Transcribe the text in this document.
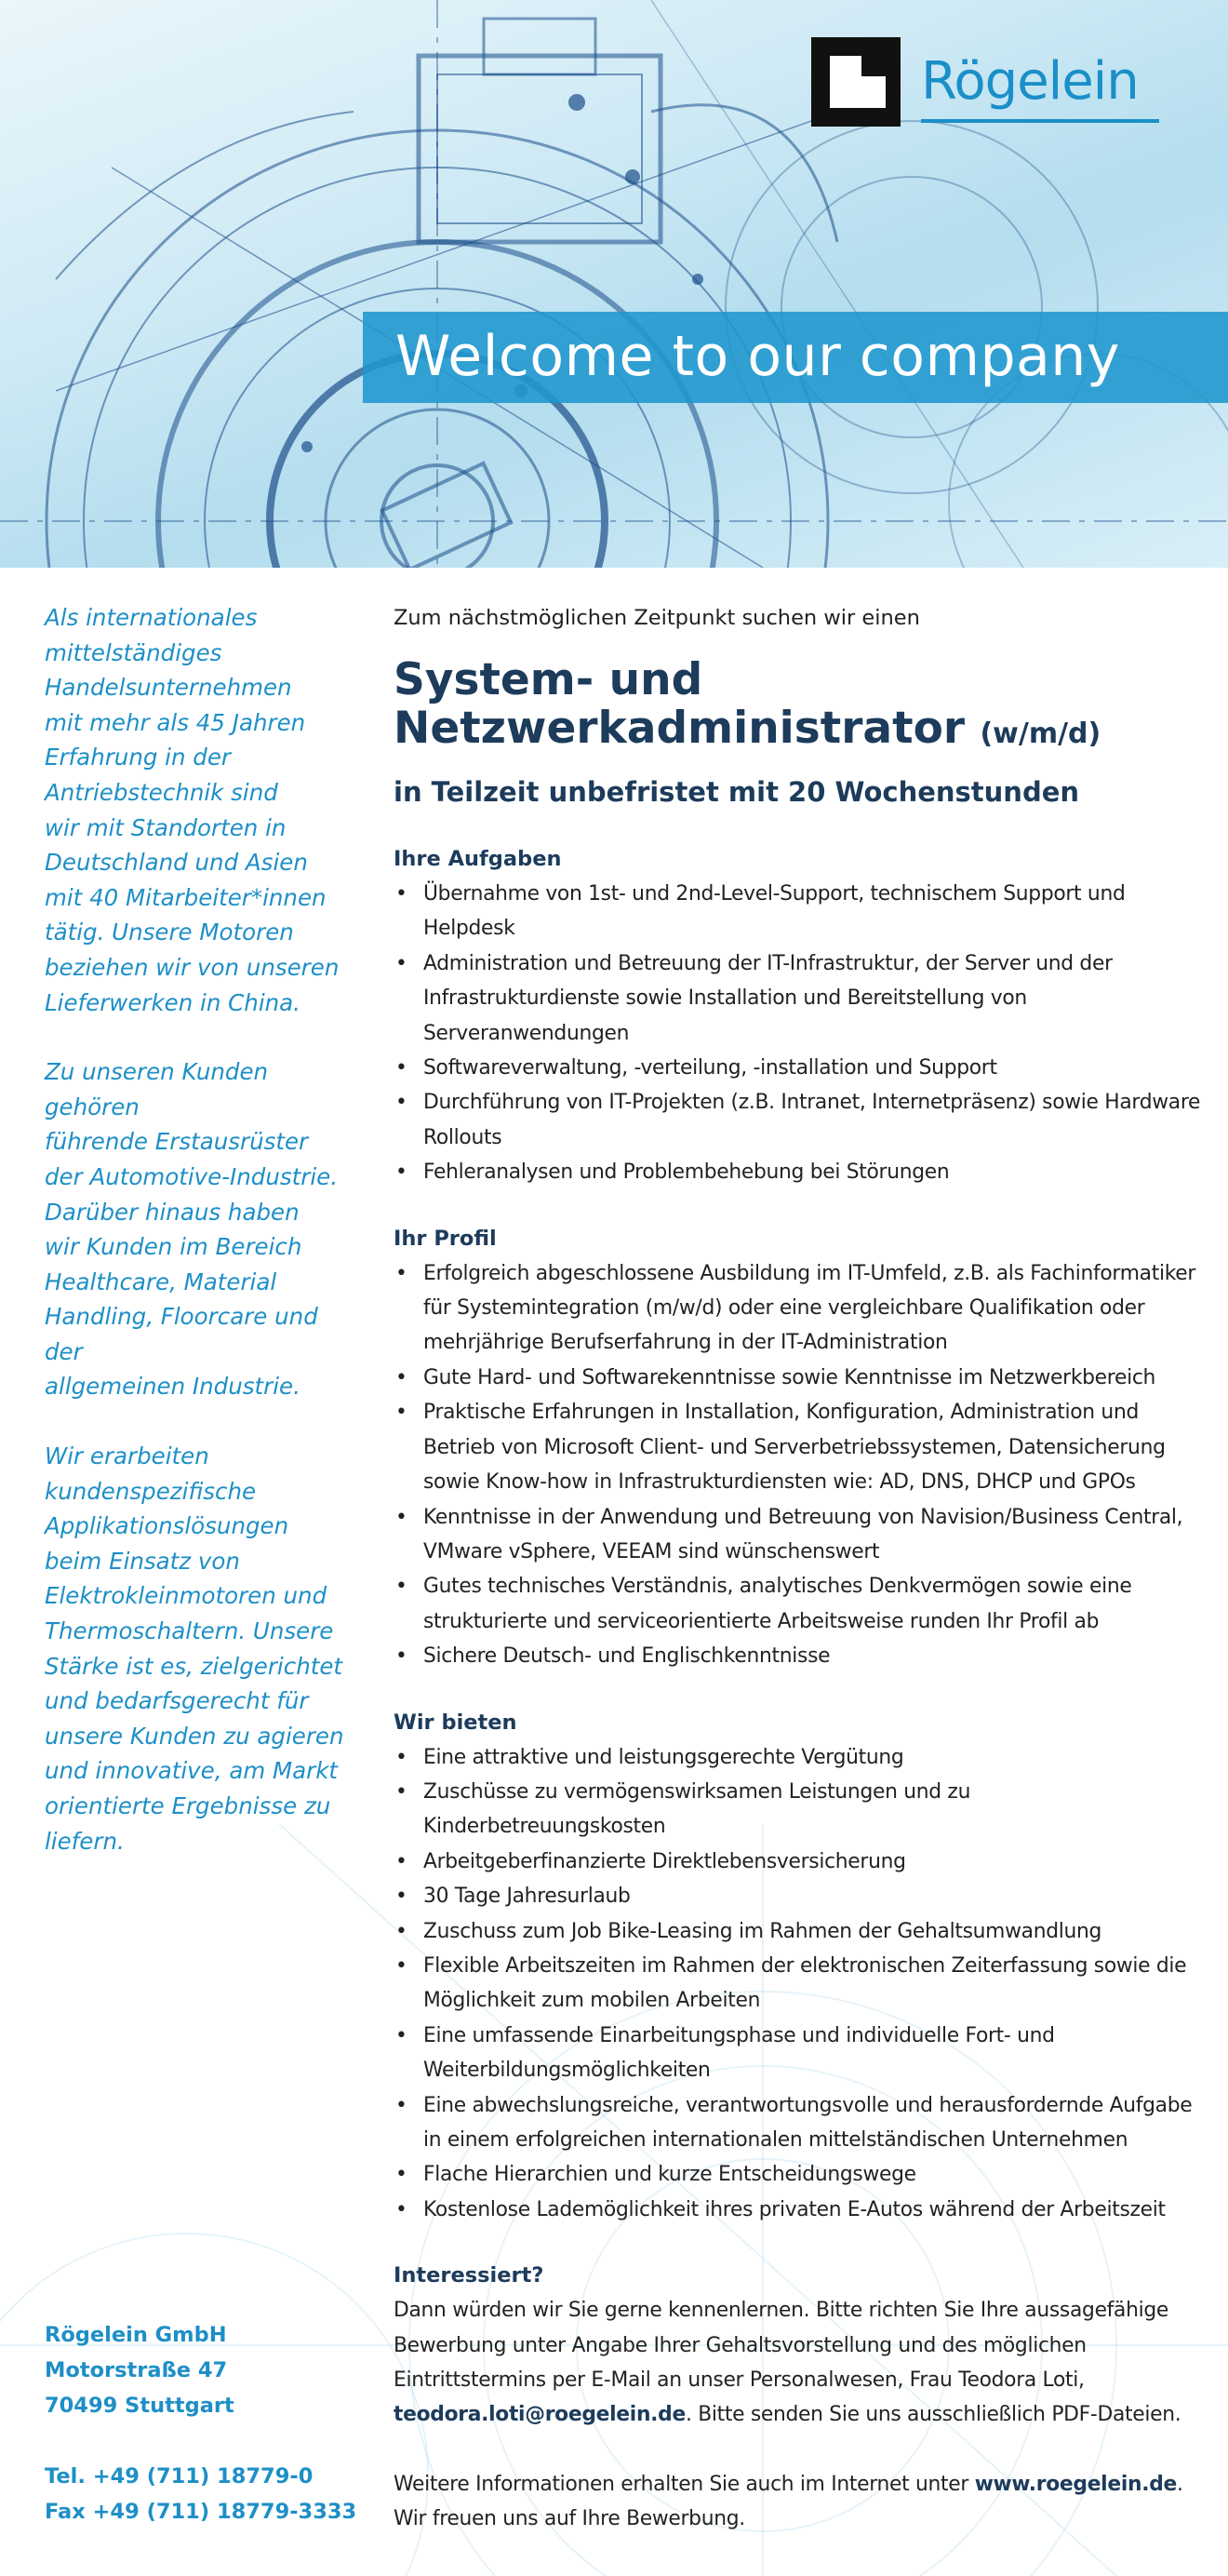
Welcome to our company
Rögelein

Als internationales
mittelständiges
Handelsunternehmen
mit mehr als 45 Jahren
Erfahrung in der
Antriebstechnik sind
wir mit Standorten in
Deutschland und Asien
mit 40 Mitarbeiter*innen
tätig. Unsere Motoren
beziehen wir von unseren
Lieferwerken in China.

Zu unseren Kunden gehören
führende Erstausrüster
der Automotive-Industrie.
Darüber hinaus haben
wir Kunden im Bereich
Healthcare, Material
Handling, Floorcare und der
allgemeinen Industrie.

Wir erarbeiten
kundenspezifische
Applikationslösungen
beim Einsatz von
Elektrokleinmotoren und
Thermoschaltern. Unsere
Stärke ist es, zielgerichtet
und bedarfsgerecht für
unsere Kunden zu agieren
und innovative, am Markt
orientierte Ergebnisse zu
liefern.

Rögelein GmbH
Motorstraße 47
70499 Stuttgart
Tel. +49 (711) 18779-0
Fax +49 (711) 18779-3333
Zum nächstmöglichen Zeitpunkt suchen wir einen
System- und
Netzwerkadministrator (w/m/d)
in Teilzeit unbefristet mit 20 Wochenstunden
Ihre Aufgaben
• Übernahme von 1st- und 2nd-Level-Support, technischem Support und Helpdesk
• Administration und Betreuung der IT-Infrastruktur, der Server und der Infrastrukturdienste sowie Installation und Bereitstellung von Serveranwendungen
• Softwareverwaltung, -verteilung, -installation und Support
• Durchführung von IT-Projekten (z.B. Intranet, Internetpräsenz) sowie Hardware Rollouts
• Fehleranalysen und Problembehebung bei Störungen
Ihr Profil
• Erfolgreich abgeschlossene Ausbildung im IT-Umfeld, z.B. als Fachinformatiker für Systemintegration (m/w/d) oder eine vergleichbare Qualifikation oder mehrjährige Berufserfahrung in der IT-Administration
• Gute Hard- und Softwarekenntnisse sowie Kenntnisse im Netzwerkbereich
• Praktische Erfahrungen in Installation, Konfiguration, Administration und Betrieb von Microsoft Client- und Serverbetriebssystemen, Datensicherung sowie Know-how in Infrastrukturdiensten wie: AD, DNS, DHCP und GPOs
• Kenntnisse in der Anwendung und Betreuung von Navision/Business Central, VMware vSphere, VEEAM sind wünschenswert
• Gutes technisches Verständnis, analytisches Denkvermögen sowie eine strukturierte und serviceorientierte Arbeitsweise runden Ihr Profil ab
• Sichere Deutsch- und Englischkenntnisse
Wir bieten
• Eine attraktive und leistungsgerechte Vergütung
• Zuschüsse zu vermögenswirksamen Leistungen und zu Kinderbetreuungskosten
• Arbeitgeberfinanzierte Direktlebensversicherung
• 30 Tage Jahresurlaub
• Zuschuss zum Job Bike-Leasing im Rahmen der Gehaltsumwandlung
• Flexible Arbeitszeiten im Rahmen der elektronischen Zeiterfassung sowie die Möglichkeit zum mobilen Arbeiten
• Eine umfassende Einarbeitungsphase und individuelle Fort- und Weiterbildungsmöglichkeiten
• Eine abwechslungsreiche, verantwortungsvolle und herausfordernde Aufgabe in einem erfolgreichen internationalen mittelständischen Unternehmen
• Flache Hierarchien und kurze Entscheidungswege
• Kostenlose Lademöglichkeit ihres privaten E-Autos während der Arbeitszeit
Interessiert?

Dann würden wir Sie gerne kennenlernen. Bitte richten Sie Ihre aussagefähige Bewerbung unter Angabe Ihrer Gehaltsvorstellung und des möglichen Eintrittstermins per E-Mail an unser Personalwesen, Frau Teodora Loti, teodora.loti@roegelein.de. Bitte senden Sie uns ausschließlich PDF-Dateien.

Weitere Informationen erhalten Sie auch im Internet unter www.roegelein.de. Wir freuen uns auf Ihre Bewerbung.
